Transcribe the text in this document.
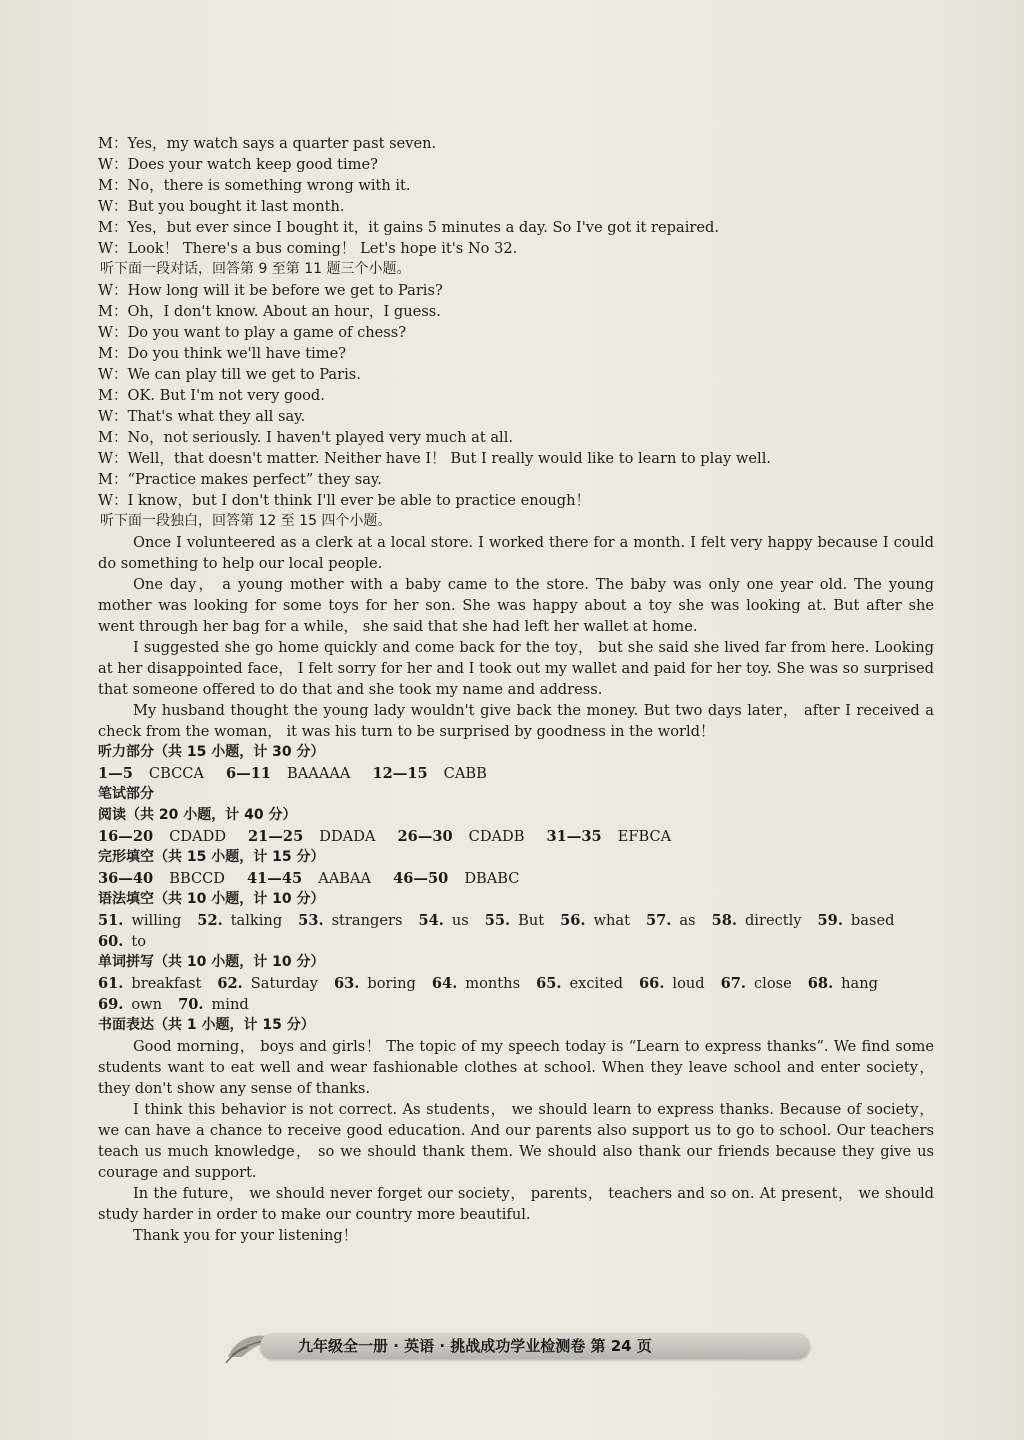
M：Yes，my watch says a quarter past seven.
W：Does your watch keep good time?
M：No，there is something wrong with it.
W：But you bought it last month.
M：Yes，but ever since I bought it，it gains 5 minutes a day. So I've got it repaired.
W：Look！ There's a bus coming！ Let's hope it's No 32.
听下面一段对话，回答第 9 至第 11 题三个小题。
W：How long will it be before we get to Paris?
M：Oh，I don't know. About an hour，I guess.
W：Do you want to play a game of chess?
M：Do you think we'll have time?
W：We can play till we get to Paris.
M：OK. But I'm not very good.
W：That's what they all say.
M：No，not seriously. I haven't played very much at all.
W：Well，that doesn't matter. Neither have I！ But I really would like to learn to play well.
M：“Practice makes perfect” they say.
W：I know，but I don't think I'll ever be able to practice enough！
听下面一段独白，回答第 12 至 15 四个小题。
Once I volunteered as a clerk at a local store. I worked there for a month. I felt very happy because I could
do something to help our local people.
One day， a young mother with a baby came to the store. The baby was only one year old. The young
mother was looking for some toys for her son. She was happy about a toy she was looking at. But after she
went through her bag for a while， she said that she had left her wallet at home.
I suggested she go home quickly and come back for the toy， but she said she lived far from here. Looking
at her disappointed face， I felt sorry for her and I took out my wallet and paid for her toy. She was so surprised
that someone offered to do that and she took my name and address.
My husband thought the young lady wouldn't give back the money. But two days later， after I received a
check from the woman， it was his turn to be surprised by goodness in the world！
听力部分（共 15 小题，计 30 分）
1—5 CBCCA 6—11 BAAAAA 12—15 CABB
笔试部分
阅读（共 20 小题，计 40 分）
16—20 CDADD 21—25 DDADA 26—30 CDADB 31—35 EFBCA
完形填空（共 15 小题，计 15 分）
36—40 BBCCD 41—45 AABAA 46—50 DBABC
语法填空（共 10 小题，计 10 分）
51. willing 52. talking 53. strangers 54. us 55. But 56. what 57. as 58. directly 59. based
60. to
单词拼写（共 10 小题，计 10 分）
61. breakfast 62. Saturday 63. boring 64. months 65. excited 66. loud 67. close 68. hang
69. own 70. mind
书面表达（共 1 小题，计 15 分）
Good morning， boys and girls！ The topic of my speech today is “Learn to express thanks”. We find some
students want to eat well and wear fashionable clothes at school. When they leave school and enter society，
they don't show any sense of thanks.
I think this behavior is not correct. As students， we should learn to express thanks. Because of society，
we can have a chance to receive good education. And our parents also support us to go to school. Our teachers
teach us much knowledge， so we should thank them. We should also thank our friends because they give us
courage and support.
In the future， we should never forget our society， parents， teachers and so on. At present， we should
study harder in order to make our country more beautiful.
Thank you for your listening！
九年级全一册 · 英语 · 挑战成功学业检测卷 第 24 页
